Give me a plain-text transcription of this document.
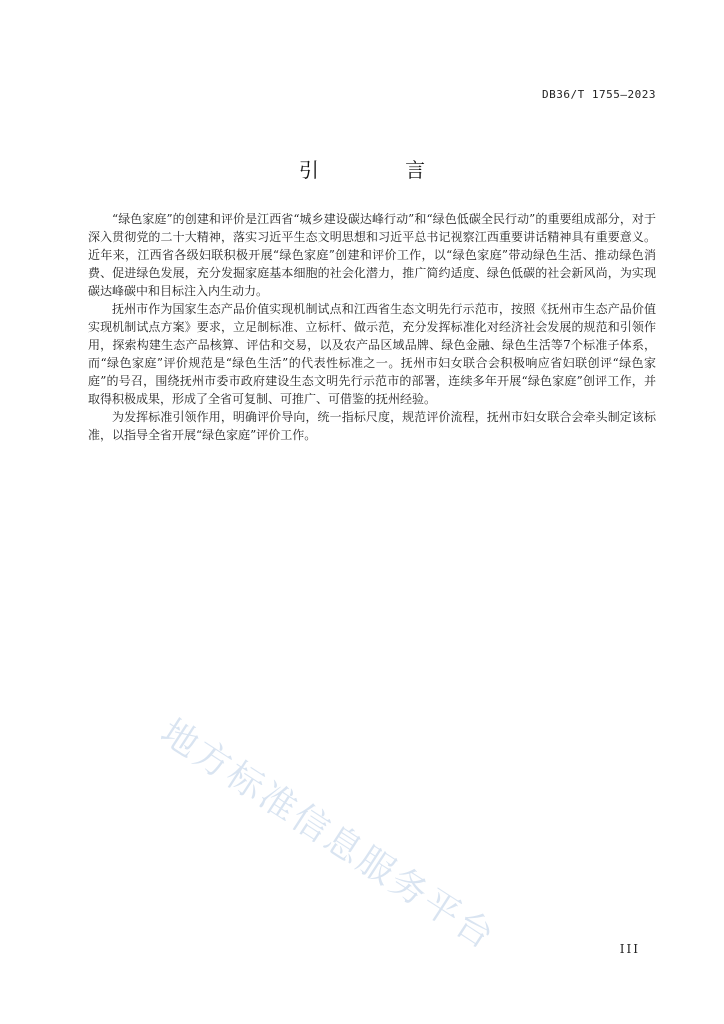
DB36/T 1755—2023
引 言

“绿色家庭”的创建和评价是江西省“城乡建设碳达峰行动”和“绿色低碳全民行动”的重要组成部分，对于深入贯彻党的二十大精神，落实习近平生态文明思想和习近平总书记视察江西重要讲话精神具有重要意义。近年来，江西省各级妇联积极开展“绿色家庭”创建和评价工作，以“绿色家庭”带动绿色生活、推动绿色消费、促进绿色发展，充分发掘家庭基本细胞的社会化潜力，推广简约适度、绿色低碳的社会新风尚，为实现碳达峰碳中和目标注入内生动力。

抚州市作为国家生态产品价值实现机制试点和江西省生态文明先行示范市，按照《抚州市生态产品价值实现机制试点方案》要求，立足制标准、立标杆、做示范，充分发挥标准化对经济社会发展的规范和引领作用，探索构建生态产品核算、评估和交易，以及农产品区域品牌、绿色金融、绿色生活等7个标准子体系，而“绿色家庭”评价规范是“绿色生活”的代表性标准之一。抚州市妇女联合会积极响应省妇联创评“绿色家庭”的号召，围绕抚州市委市政府建设生态文明先行示范市的部署，连续多年开展“绿色家庭”创评工作，并取得积极成果，形成了全省可复制、可推广、可借鉴的抚州经验。

为发挥标准引领作用，明确评价导向，统一指标尺度，规范评价流程，抚州市妇女联合会牵头制定该标准，以指导全省开展“绿色家庭”评价工作。

地方标准信息服务平台	III
